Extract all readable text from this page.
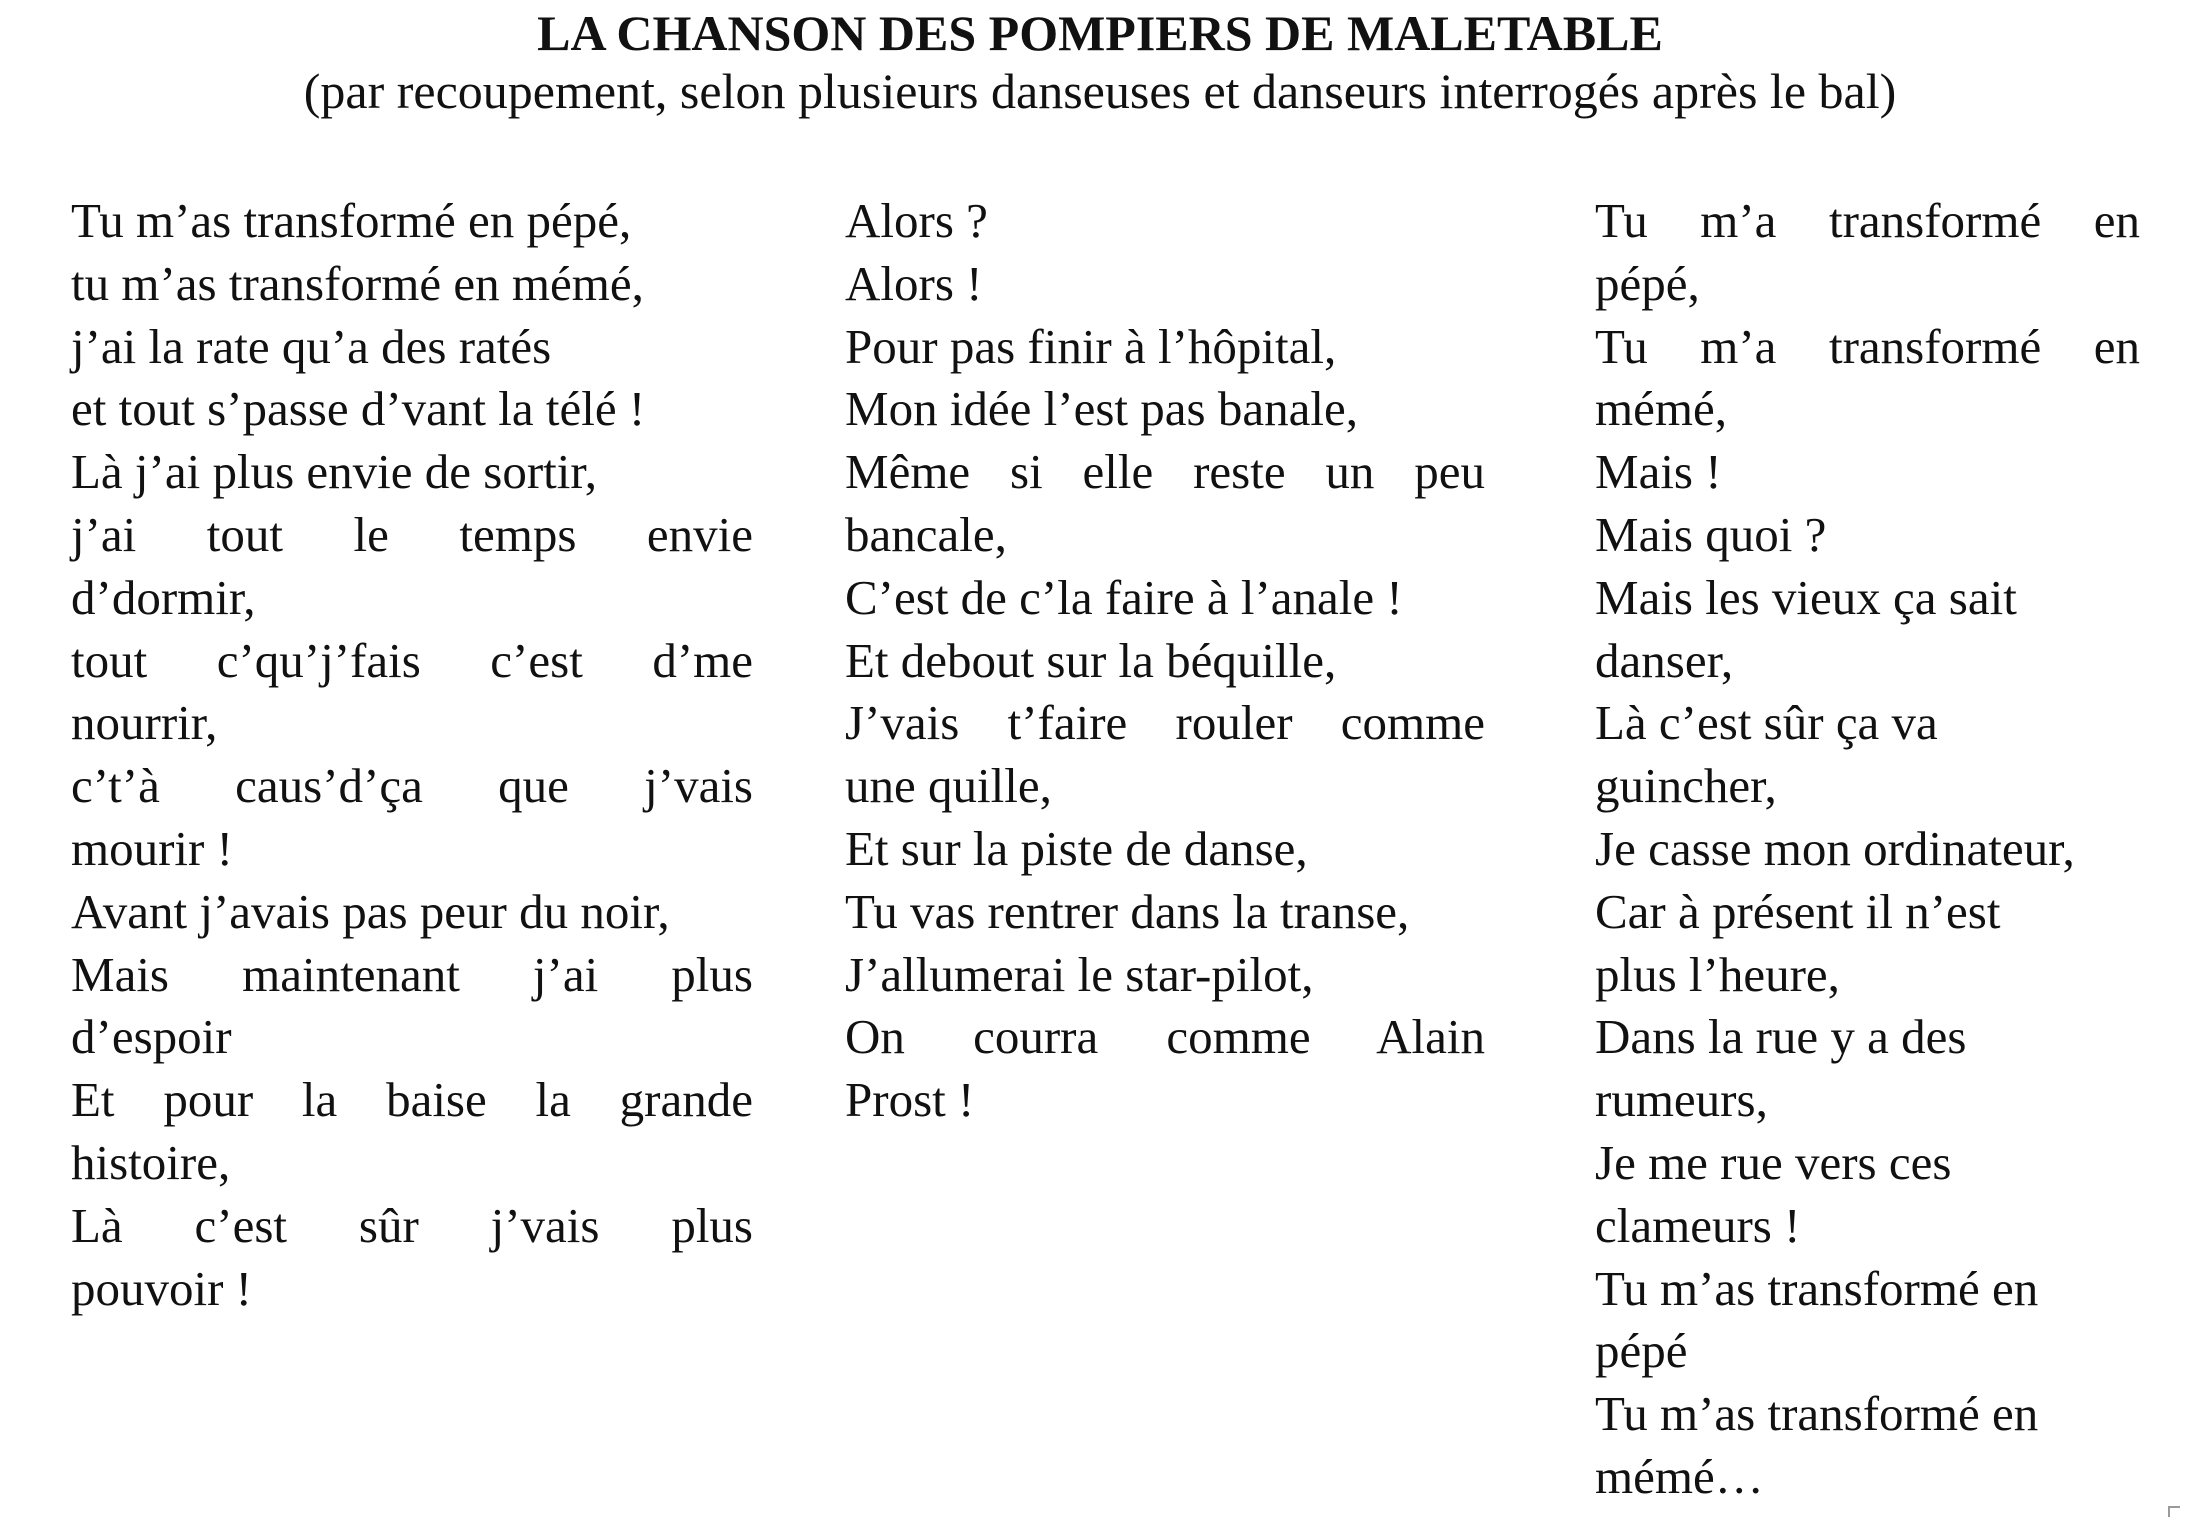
LA CHANSON DES POMPIERS DE MALETABLE
(par recoupement, selon plusieurs danseuses et danseurs interrogés après le bal)
Tu m’as transformé en pépé,
tu m’as transformé en mémé,
j’ai la rate qu’a des ratés
et tout s’passe d’vant la télé !
Là j’ai plus envie de sortir,
j’ai tout le temps envie
d’dormir,
tout c’qu’j’fais c’est d’me
nourrir,
c’t’à caus’d’ça que j’vais
mourir !
Avant j’avais pas peur du noir,
Mais maintenant j’ai plus
d’espoir
Et pour la baise la grande
histoire,
Là c’est sûr j’vais plus
pouvoir !
Alors ?
Alors !
Pour pas finir à l’hôpital,
Mon idée l’est pas banale,
Même si elle reste un peu
bancale,
C’est de c’la faire à l’anale !
Et debout sur la béquille,
J’vais t’faire rouler comme
une quille,
Et sur la piste de danse,
Tu vas rentrer dans la transe,
J’allumerai le star-pilot,
On courra comme Alain
Prost !
Tu m’a transformé en
pépé,
Tu m’a transformé en
mémé,
Mais !
Mais quoi ?
Mais les vieux ça sait
danser,
Là c’est sûr ça va
guincher,
Je casse mon ordinateur,
Car à présent il n’est
plus l’heure,
Dans la rue y a des
rumeurs,
Je me rue vers ces
clameurs !
Tu m’as transformé en
pépé
Tu m’as transformé en
mémé…
